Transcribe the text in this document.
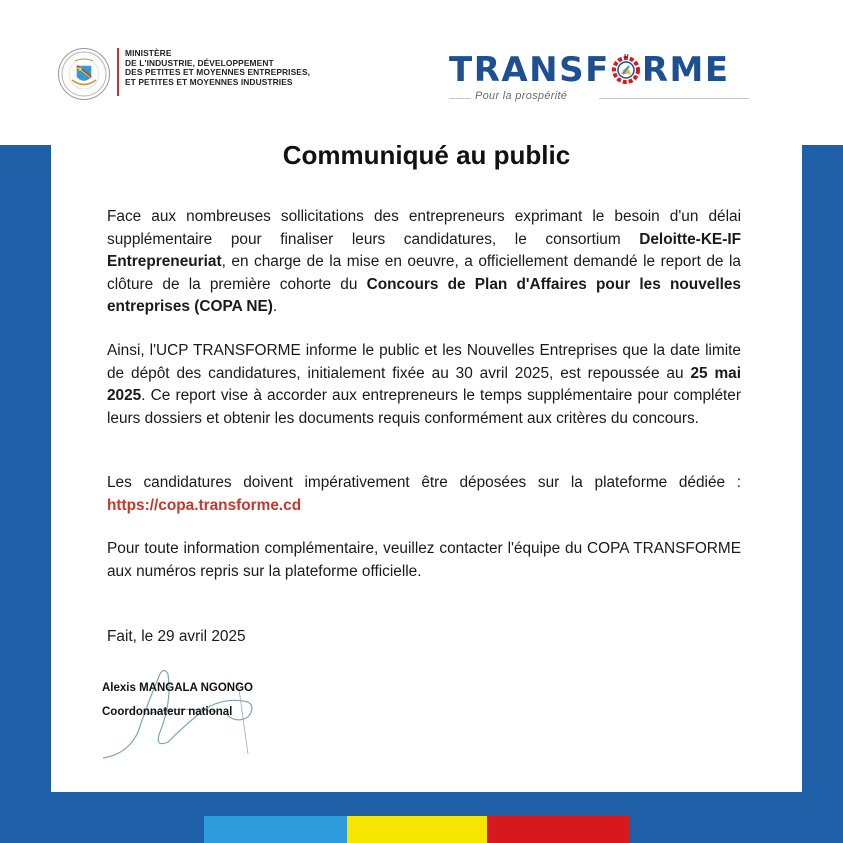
MINISTÈRE
DE L'INDUSTRIE, DÉVELOPPEMENT
DES PETITES ET MOYENNES ENTREPRISES,
ET PETITES ET MOYENNES INDUSTRIES	TRANSF RME
Pour la prospérité
Communiqué au public
Face aux nombreuses sollicitations des entrepreneurs exprimant le besoin d'un délai supplémentaire pour finaliser leurs candidatures, le consortium Deloitte-KE-IF Entrepreneuriat, en charge de la mise en oeuvre, a officiellement demandé le report de la clôture de la première cohorte du Concours de Plan d'Affaires pour les nouvelles entreprises (COPA NE).
Ainsi, l'UCP TRANSFORME informe le public et les Nouvelles Entreprises que la date limite de dépôt des candidatures, initialement fixée au 30 avril 2025, est repoussée au 25 mai 2025. Ce report vise à accorder aux entrepreneurs le temps supplémentaire pour compléter leurs dossiers et obtenir les documents requis conformément aux critères du concours.
Les candidatures doivent impérativement être déposées sur la plateforme dédiée : https://copa.transforme.cd
Pour toute information complémentaire, veuillez contacter l'équipe du COPA TRANSFORME aux numéros repris sur la plateforme officielle.
Fait, le 29 avril 2025
Alexis MANGALA NGONGO
Coordonnateur national
